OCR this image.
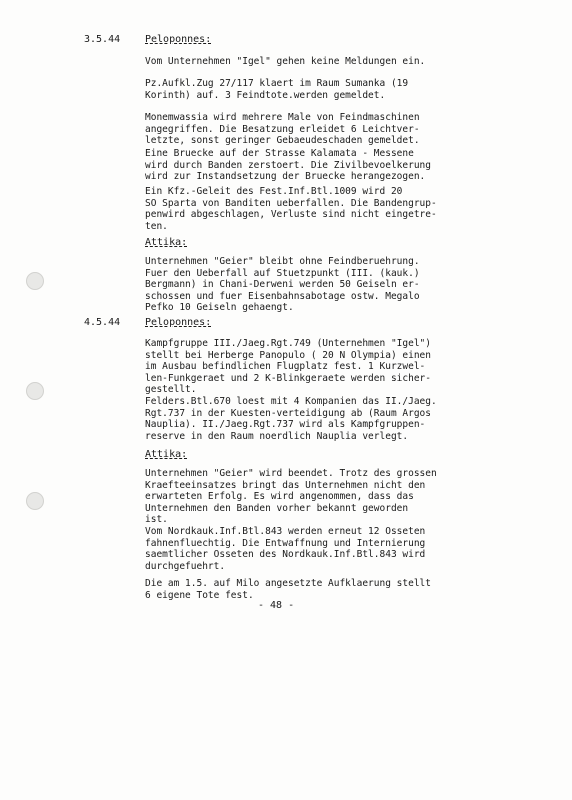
3.5.44 Peloponnes:
Vom Unternehmen "Igel" gehen keine Meldungen ein.
Pz.Aufkl.Zug 27/117 klaert im Raum Sumanka (19
Korinth) auf. 3 Feindtote.werden gemeldet.
Monemwassia wird mehrere Male von Feindmaschinen
angegriffen. Die Besatzung erleidet 6 Leichtver-
letzte, sonst geringer Gebaeudeschaden gemeldet.
Eine Bruecke auf der Strasse Kalamata - Messene
wird durch Banden zerstoert. Die Zivilbevoelkerung
wird zur Instandsetzung der Bruecke herangezogen.
Ein Kfz.-Geleit des Fest.Inf.Btl.1009 wird 20
SO Sparta von Banditen ueberfallen. Die Bandengrup-
penwird abgeschlagen, Verluste sind nicht eingetre-
ten.
Attika:
Unternehmen "Geier" bleibt ohne Feindberuehrung.
Fuer den Ueberfall auf Stuetzpunkt (III. (kauk.)
Bergmann) in Chani-Derweni werden 50 Geiseln er-
schossen und fuer Eisenbahnsabotage ostw. Megalo
Pefko 10 Geiseln gehaengt.
4.5.44 Peloponnes:
Kampfgruppe III./Jaeg.Rgt.749 (Unternehmen "Igel")
stellt bei Herberge Panopulo ( 20 N Olympia) einen
im Ausbau befindlichen Flugplatz fest. 1 Kurzwel-
len-Funkgeraet und 2 K-Blinkgeraete werden sicher-
gestellt.
Felders.Btl.670 loest mit 4 Kompanien das II./Jaeg.
Rgt.737 in der Kuesten-verteidigung ab (Raum Argos
Nauplia). II./Jaeg.Rgt.737 wird als Kampfgruppen-
reserve in den Raum noerdlich Nauplia verlegt.
Attika:
Unternehmen "Geier" wird beendet. Trotz des grossen
Kraefteeinsatzes bringt das Unternehmen nicht den
erwarteten Erfolg. Es wird angenommen, dass das
Unternehmen den Banden vorher bekannt geworden
ist.
Vom Nordkauk.Inf.Btl.843 werden erneut 12 Osseten
fahnenfluechtig. Die Entwaffnung und Internierung
saemtlicher Osseten des Nordkauk.Inf.Btl.843 wird
durchgefuehrt.
Die am 1.5. auf Milo angesetzte Aufklaerung stellt
6 eigene Tote fest.
- 48 -
